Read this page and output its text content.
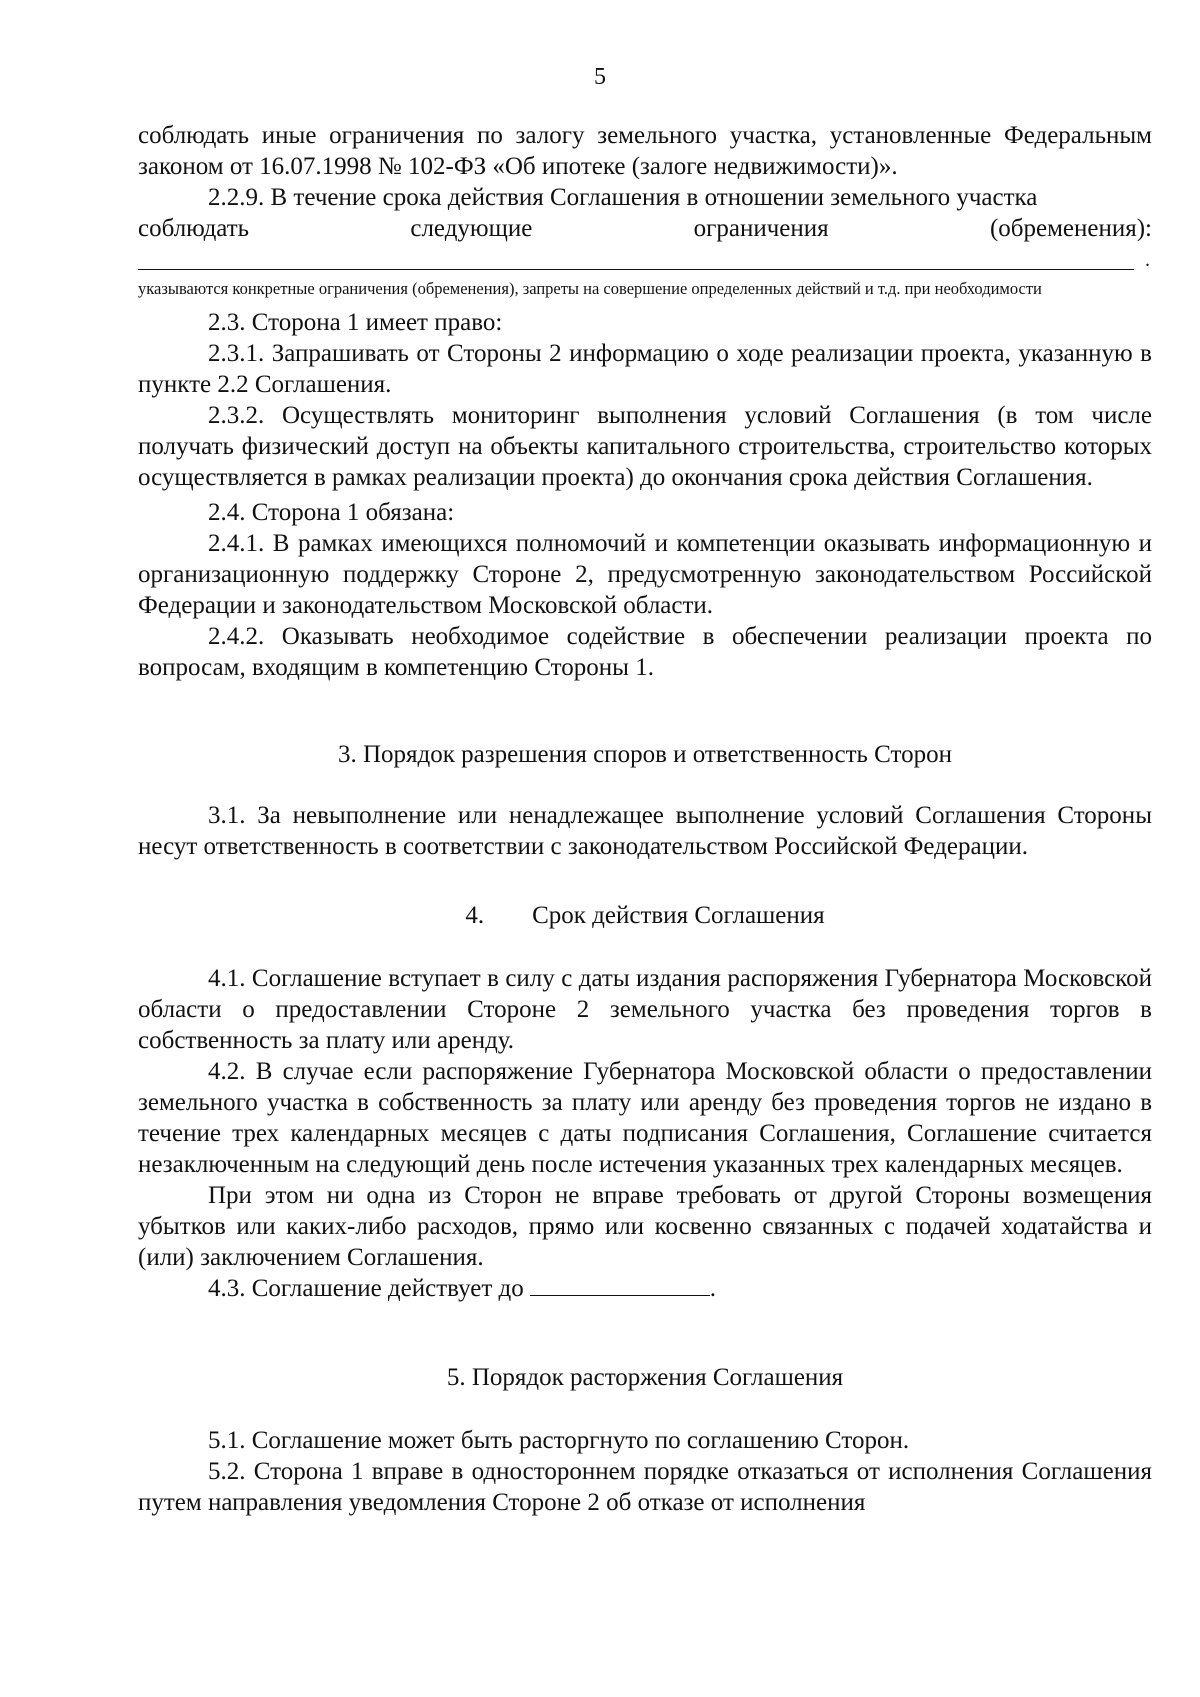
5

соблюдать иные ограничения по залогу земельного участка, установленные Федеральным законом от 16.07.1998 № 102-ФЗ «Об ипотеке (залоге недвижимости)».

2.2.9. В течение срока действия Соглашения в отношении земельного участка

соблюдать	следующие	ограничения	(обременения):
.
указываются конкретные ограничения (обременения), запреты на совершение определенных действий и т.д. при необходимости

2.3. Сторона 1 имеет право:

2.3.1. Запрашивать от Стороны 2 информацию о ходе реализации проекта, указанную в пункте 2.2 Соглашения.

2.3.2. Осуществлять мониторинг выполнения условий Соглашения (в том числе получать физический доступ на объекты капитального строительства, строительство которых осуществляется в рамках реализации проекта) до окончания срока действия Соглашения.

2.4. Сторона 1 обязана:

2.4.1. В рамках имеющихся полномочий и компетенции оказывать информационную и организационную поддержку Стороне 2, предусмотренную законодательством Российской Федерации и законодательством Московской области.

2.4.2. Оказывать необходимое содействие в обеспечении реализации проекта по вопросам, входящим в компетенцию Стороны 1.

3. Порядок разрешения споров и ответственность Сторон

3.1. За невыполнение или ненадлежащее выполнение условий Соглашения Стороны несут ответственность в соответствии с законодательством Российской Федерации.

4. Срок действия Соглашения

4.1. Соглашение вступает в силу с даты издания распоряжения Губернатора Московской области о предоставлении Стороне 2 земельного участка без проведения торгов в собственность за плату или аренду.

4.2. В случае если распоряжение Губернатора Московской области о предоставлении земельного участка в собственность за плату или аренду без проведения торгов не издано в течение трех календарных месяцев с даты подписания Соглашения, Соглашение считается незаключенным на следующий день после истечения указанных трех календарных месяцев.

При этом ни одна из Сторон не вправе требовать от другой Стороны возмещения убытков или каких-либо расходов, прямо или косвенно связанных с подачей ходатайства и (или) заключением Соглашения.

4.3. Соглашение действует до	.

5. Порядок расторжения Соглашения

5.1. Соглашение может быть расторгнуто по соглашению Сторон.

5.2. Сторона 1 вправе в одностороннем порядке отказаться от исполнения Соглашения путем направления уведомления Стороне 2 об отказе от исполнения
